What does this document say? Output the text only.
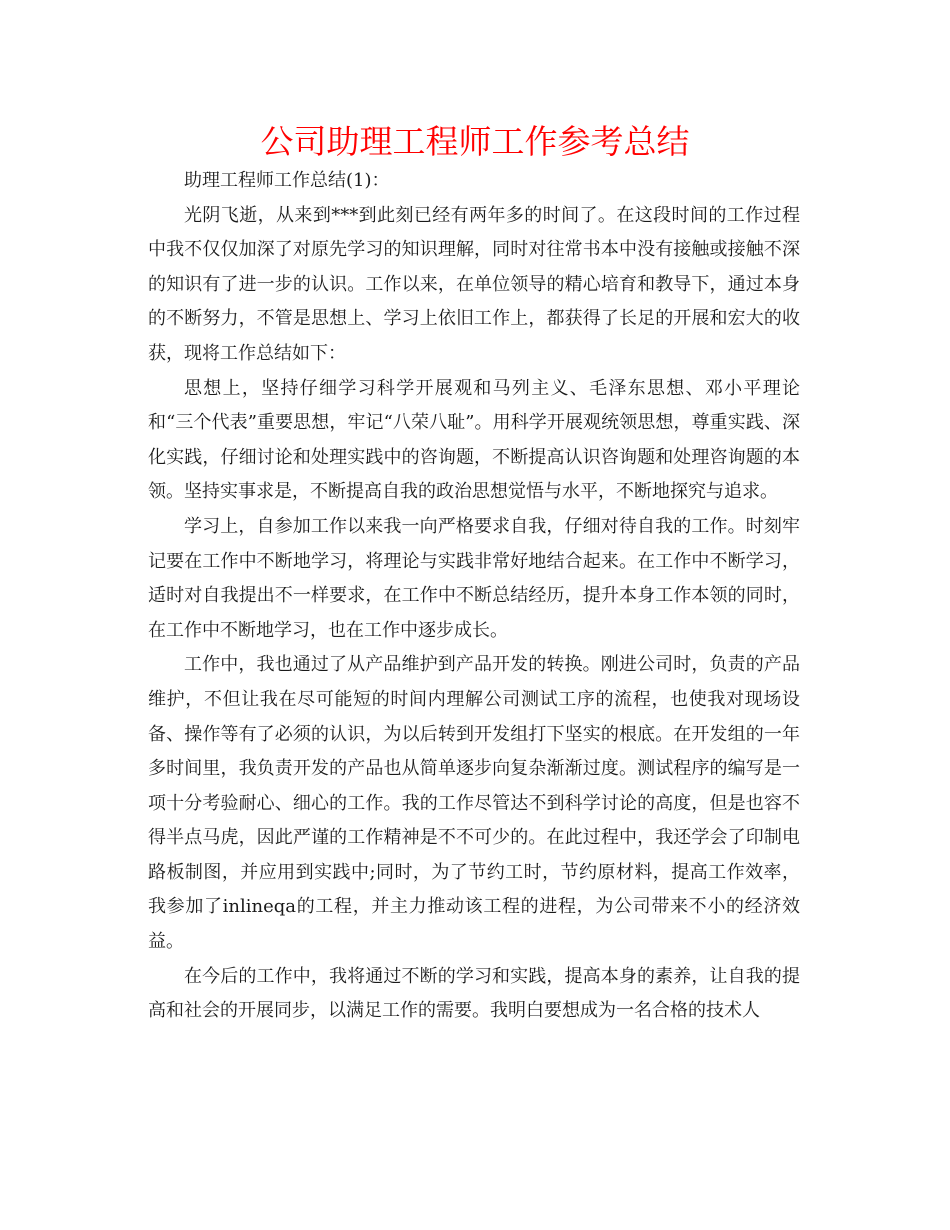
公司助理工程师工作参考总结

助理工程师工作总结(1)：

光阴飞逝，从来到***到此刻已经有两年多的时间了。在这段时间的工作过程中我不仅仅加深了对原先学习的知识理解，同时对往常书本中没有接触或接触不深的知识有了进一步的认识。工作以来，在单位领导的精心培育和教导下，通过本身的不断努力，不管是思想上、学习上依旧工作上，都获得了长足的开展和宏大的收获，现将工作总结如下：

思想上，坚持仔细学习科学开展观和马列主义、毛泽东思想、邓小平理论和“三个代表”重要思想，牢记“八荣八耻”。用科学开展观统领思想，尊重实践、深化实践，仔细讨论和处理实践中的咨询题，不断提高认识咨询题和处理咨询题的本领。坚持实事求是，不断提高自我的政治思想觉悟与水平，不断地探究与追求。

学习上，自参加工作以来我一向严格要求自我，仔细对待自我的工作。时刻牢记要在工作中不断地学习，将理论与实践非常好地结合起来。在工作中不断学习，适时对自我提出不一样要求，在工作中不断总结经历，提升本身工作本领的同时，在工作中不断地学习，也在工作中逐步成长。

工作中，我也通过了从产品维护到产品开发的转换。刚进公司时，负责的产品维护，不但让我在尽可能短的时间内理解公司测试工序的流程，也使我对现场设备、操作等有了必须的认识，为以后转到开发组打下坚实的根底。在开发组的一年多时间里，我负责开发的产品也从简单逐步向复杂渐渐过度。测试程序的编写是一项十分考验耐心、细心的工作。我的工作尽管达不到科学讨论的高度，但是也容不得半点马虎，因此严谨的工作精神是不不可少的。在此过程中，我还学会了印制电路板制图，并应用到实践中;同时，为了节约工时，节约原材料，提高工作效率，我参加了inlineqa的工程，并主力推动该工程的进程，为公司带来不小的经济效益。

在今后的工作中，我将通过不断的学习和实践，提高本身的素养，让自我的提高和社会的开展同步，以满足工作的需要。我明白要想成为一名合格的技术人
